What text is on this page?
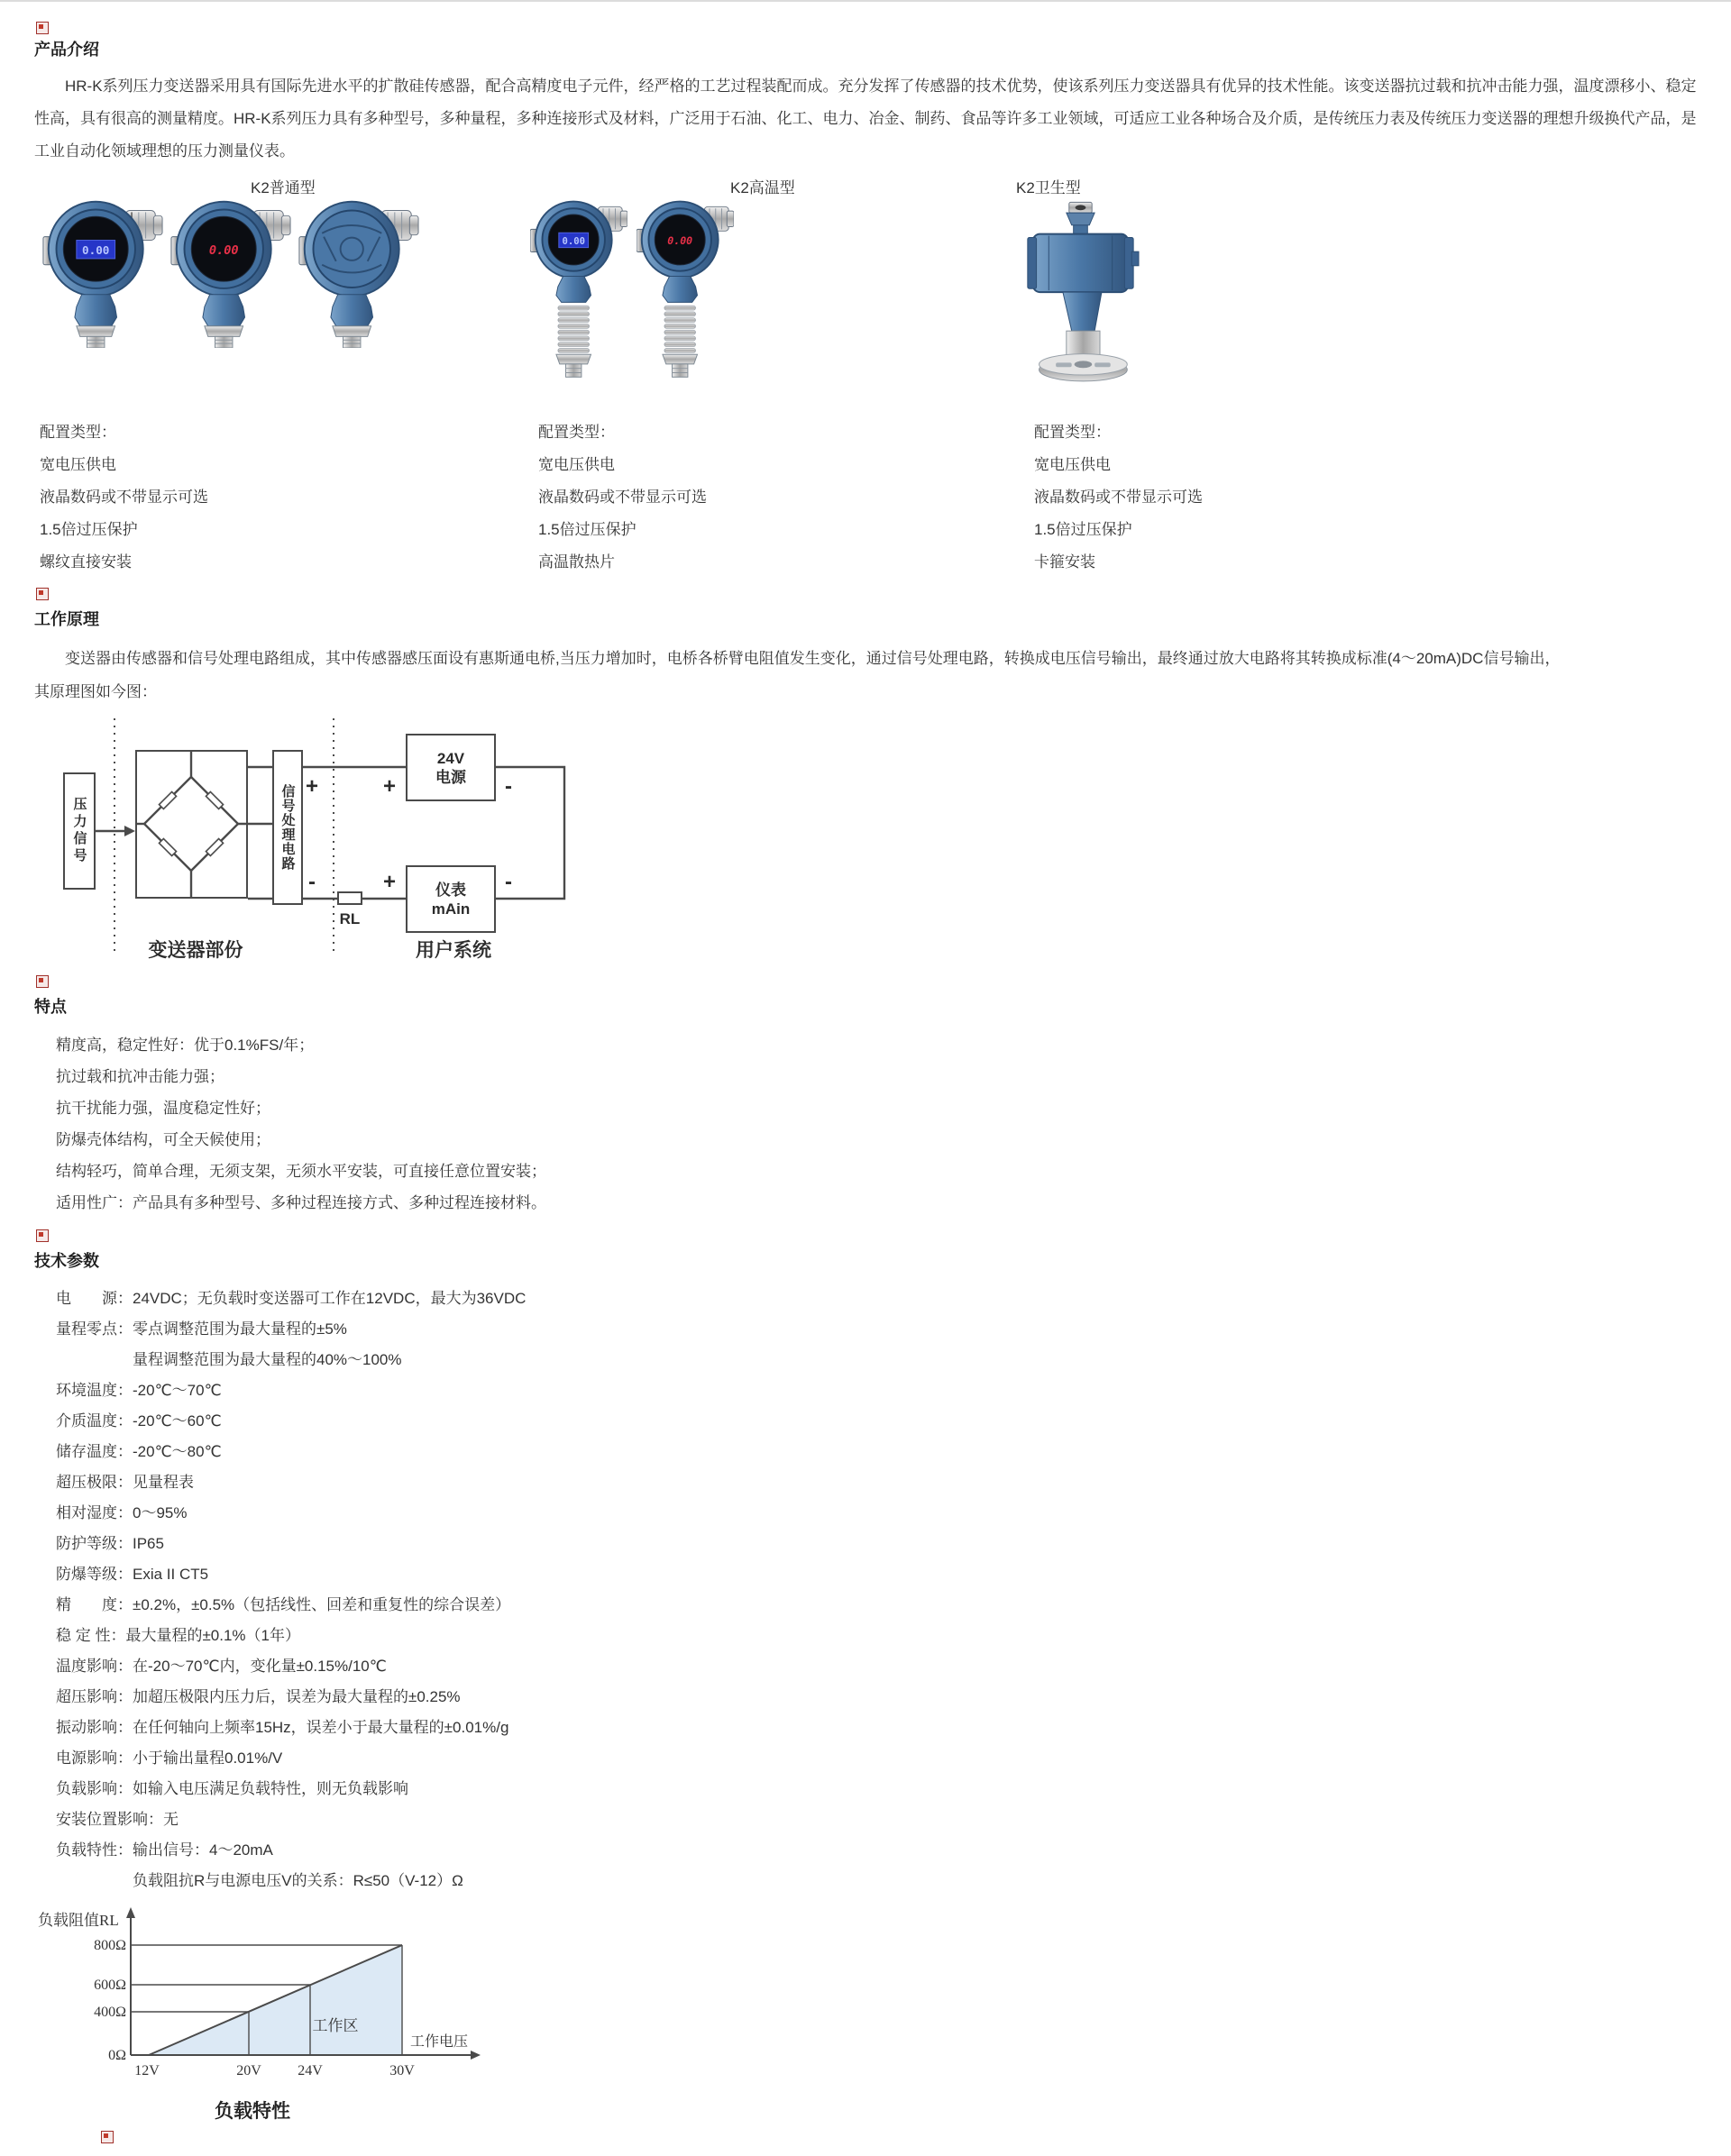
产品介绍

HR-K系列压力变送器采用具有国际先进水平的扩散硅传感器，配合高精度电子元件，经严格的工艺过程装配而成。充分发挥了传感器的技术优势，使该系列压力变送器具有优异的技术性能。该变送器抗过载和抗冲击能力强，温度漂移小、稳定性高，具有很高的测量精度。HR-K系列压力具有多种型号，多种量程，多种连接形式及材料，广泛用于石油、化工、电力、冶金、制药、食品等许多工业领域，可适应工业各种场合及介质，是传统压力表及传统压力变送器的理想升级换代产品，是工业自动化领域理想的压力测量仪表。

K2普通型	K2高温型	K2卫生型
0.00	0.00
0.00	0.00
配置类型：
宽电压供电
液晶数码或不带显示可选
1.5倍过压保护
螺纹直接安装
配置类型：
宽电压供电
液晶数码或不带显示可选
1.5倍过压保护
高温散热片
配置类型：
宽电压供电
液晶数码或不带显示可选
1.5倍过压保护
卡箍安装
工作原理
变送器由传感器和信号处理电路组成，其中传感器感压面设有惠斯通电桥,当压力增加时，电桥各桥臂电阻值发生变化，通过信号处理电路，转换成电压信号输出，最终通过放大电路将其转换成标准(4～20mA)DC信号输出，
其原理图如今图：
+	+	-
-	+	-
RL
压力信号	信号处理电路
24V
电源
仪表
mAin
变送器部份	用户系统
特点
精度高，稳定性好：优于0.1%FS/年；
抗过载和抗冲击能力强；
抗干扰能力强，温度稳定性好；
防爆壳体结构，可全天候使用；
结构轻巧，简单合理，无须支架，无须水平安装，可直接任意位置安装；
适用性广：产品具有多种型号、多种过程连接方式、多种过程连接材料。
技术参数
电　　源：24VDC；无负载时变送器可工作在12VDC，最大为36VDC
量程零点：零点调整范围为最大量程的±5%
量程调整范围为最大量程的40%～100%
环境温度：-20℃～70℃
介质温度：-20℃～60℃
储存温度：-20℃～80℃
超压极限：见量程表
相对湿度：0～95%
防护等级：IP65
防爆等级：Exia II CT5
精　　度：±0.2%，±0.5%（包括线性、回差和重复性的综合误差）
稳 定 性：最大量程的±0.1%（1年）
温度影响：在-20～70℃内，变化量±0.15%/10℃
超压影响：加超压极限内压力后，误差为最大量程的±0.25%
振动影响：在任何轴向上频率15Hz，误差小于最大量程的±0.01%/g
电源影响：小于输出量程0.01%/V
负载影响：如输入电压满足负载特性，则无负载影响
安装位置影响：无
负载特性：输出信号：4～20mA
负载阻抗R与电源电压V的关系：R≤50（V-12）Ω
负载阻值RL
800Ω
600Ω
400Ω
0Ω
12V	20V	24V	30V
工作区
工作电压
负载特性
